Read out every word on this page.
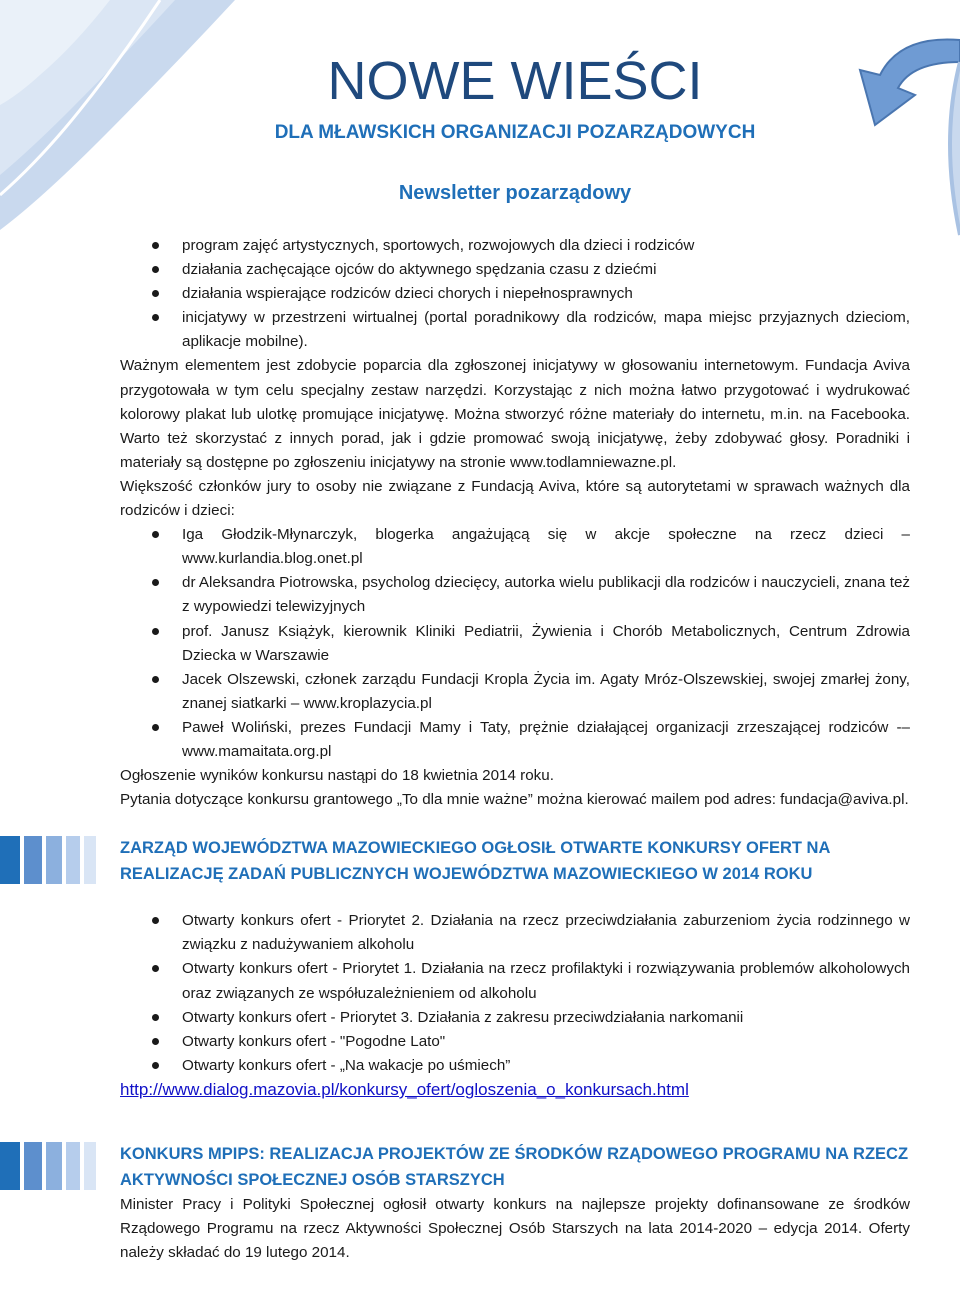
NOWE WIEŚCI
DLA MŁAWSKICH ORGANIZACJI POZARZĄDOWYCH
Newsletter pozarządowy
program zajęć artystycznych, sportowych, rozwojowych dla dzieci i rodziców
działania zachęcające ojców do aktywnego spędzania czasu z dziećmi
działania wspierające rodziców dzieci chorych i niepełnosprawnych
inicjatywy w przestrzeni wirtualnej (portal poradnikowy dla rodziców, mapa miejsc przyjaznych dzieciom, aplikacje mobilne).

Ważnym elementem jest zdobycie poparcia dla zgłoszonej inicjatywy w głosowaniu internetowym. Fundacja Aviva przygotowała w tym celu specjalny zestaw narzędzi. Korzystając z nich można łatwo przygotować i wydrukować kolorowy plakat lub ulotkę promujące inicjatywę. Można stworzyć różne materiały do internetu, m.in. na Facebooka. Warto też skorzystać z innych porad, jak i gdzie promować swoją inicjatywę, żeby zdobywać głosy. Poradniki i materiały są dostępne po zgłoszeniu inicjatywy na stronie www.todlamniewazne.pl.

Większość członków jury to osoby nie związane z Fundacją Aviva, które są autorytetami w sprawach ważnych dla rodziców i dzieci:

Iga Głodzik-Młynarczyk, blogerka angażującą się w akcje społeczne na rzecz dzieci – www.kurlandia.blog.onet.pl
dr Aleksandra Piotrowska, psycholog dziecięcy, autorka wielu publikacji dla rodziców i nauczycieli, znana też z wypowiedzi telewizyjnych
prof. Janusz Książyk, kierownik Kliniki Pediatrii, Żywienia i Chorób Metabolicznych, Centrum Zdrowia Dziecka w Warszawie
Jacek Olszewski, członek zarządu Fundacji Kropla Życia im. Agaty Mróz-Olszewskiej, swojej zmarłej żony, znanej siatkarki – www.kroplazycia.pl
Paweł Woliński, prezes Fundacji Mamy i Taty, prężnie działającej organizacji zrzeszającej rodziców -– www.mamaitata.org.pl

Ogłoszenie wyników konkursu nastąpi do 18 kwietnia 2014 roku.

Pytania dotyczące konkursu grantowego „To dla mnie ważne” można kierować mailem pod adres: fundacja@aviva.pl.

ZARZĄD WOJEWÓDZTWA MAZOWIECKIEGO OGŁOSIŁ OTWARTE KONKURSY OFERT NA REALIZACJĘ ZADAŃ PUBLICZNYCH WOJEWÓDZTWA MAZOWIECKIEGO W 2014 ROKU
Otwarty konkurs ofert - Priorytet 2. Działania na rzecz przeciwdziałania zaburzeniom życia rodzinnego w związku z nadużywaniem alkoholu
Otwarty konkurs ofert - Priorytet 1. Działania na rzecz profilaktyki i rozwiązywania problemów alkoholowych oraz związanych ze współuzależnieniem od alkoholu
Otwarty konkurs ofert - Priorytet 3. Działania z zakresu przeciwdziałania narkomanii
Otwarty konkurs ofert - "Pogodne Lato"
Otwarty konkurs ofert - „Na wakacje po uśmiech”
http://www.dialog.mazovia.pl/konkursy_ofert/ogloszenia_o_konkursach.html
KONKURS MPIPS: REALIZACJA PROJEKTÓW ZE ŚRODKÓW RZĄDOWEGO PROGRAMU NA RZECZ AKTYWNOŚCI SPOŁECZNEJ OSÓB STARSZYCH

Minister Pracy i Polityki Społecznej ogłosił otwarty konkurs na najlepsze projekty dofinansowane ze środków Rządowego Programu na rzecz Aktywności Społecznej Osób Starszych na lata 2014-2020 – edycja 2014. Oferty należy składać do 19 lutego 2014.
